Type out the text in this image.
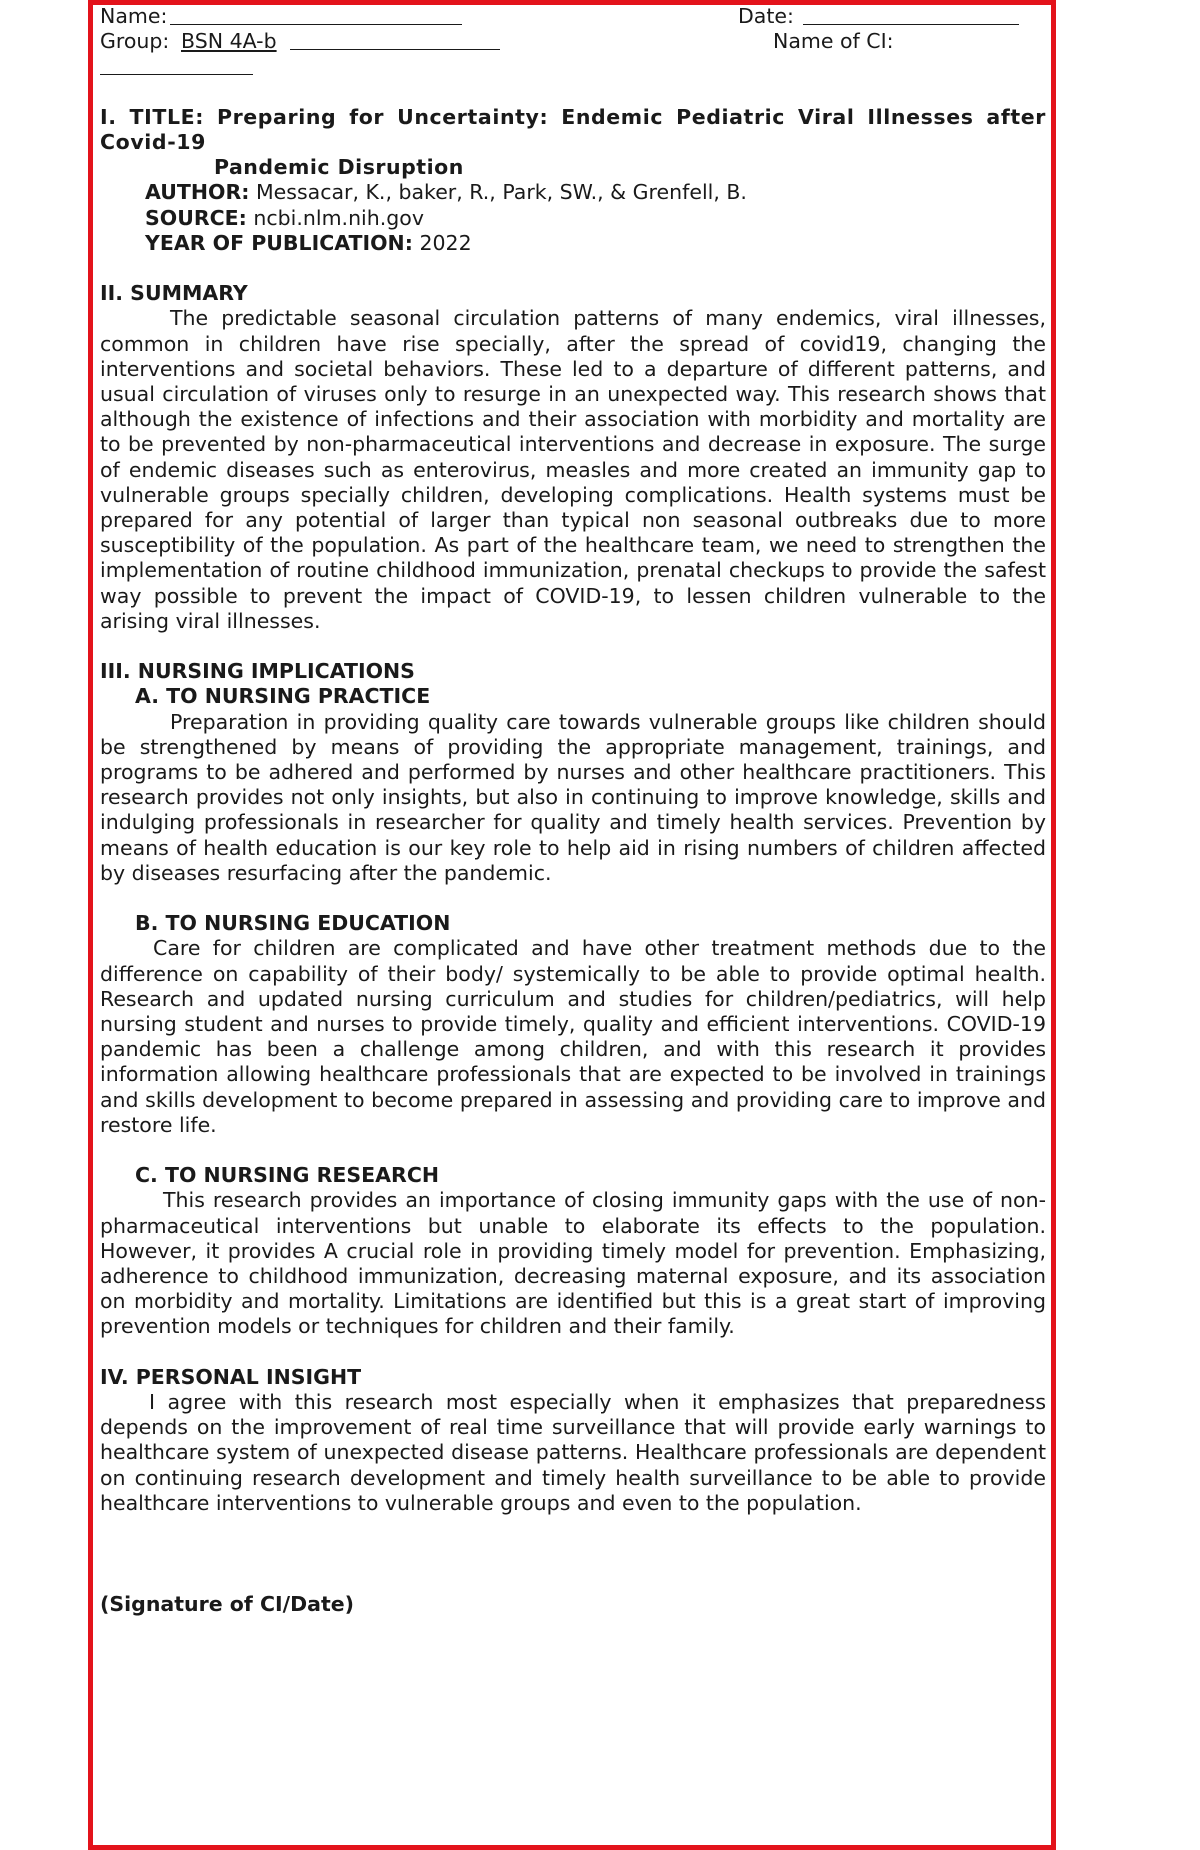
Name:	Date:
Group: BSN 4A-b	Name of CI:
I. TITLE: Preparing for Uncertainty: Endemic Pediatric Viral Illnesses after Covid-19
Pandemic Disruption
AUTHOR: Messacar, K., baker, R., Park, SW., & Grenfell, B.
SOURCE: ncbi.nlm.nih.gov
YEAR OF PUBLICATION: 2022
II. SUMMARY

The predictable seasonal circulation patterns of many endemics, viral illnesses, common in children have rise specially, after the spread of covid19, changing the interventions and societal behaviors. These led to a departure of different patterns, and usual circulation of viruses only to resurge in an unexpected way. This research shows that although the existence of infections and their association with morbidity and mortality are to be prevented by non-pharmaceutical interventions and decrease in exposure. The surge of endemic diseases such as enterovirus, measles and more created an immunity gap to vulnerable groups specially children, developing complications. Health systems must be prepared for any potential of larger than typical non seasonal outbreaks due to more susceptibility of the population. As part of the healthcare team, we need to strengthen the implementation of routine childhood immunization, prenatal checkups to provide the safest way possible to prevent the impact of COVID-19, to lessen children vulnerable to the arising viral illnesses.

III. NURSING IMPLICATIONS
A. TO NURSING PRACTICE

Preparation in providing quality care towards vulnerable groups like children should be strengthened by means of providing the appropriate management, trainings, and programs to be adhered and performed by nurses and other healthcare practitioners. This research provides not only insights, but also in continuing to improve knowledge, skills and indulging professionals in researcher for quality and timely health services. Prevention by means of health education is our key role to help aid in rising numbers of children affected by diseases resurfacing after the pandemic.

B. TO NURSING EDUCATION

Care for children are complicated and have other treatment methods due to the difference on capability of their body/ systemically to be able to provide optimal health. Research and updated nursing curriculum and studies for children/pediatrics, will help nursing student and nurses to provide timely, quality and efficient interventions. COVID-19 pandemic has been a challenge among children, and with this research it provides information allowing healthcare professionals that are expected to be involved in trainings and skills development to become prepared in assessing and providing care to improve and restore life.

C. TO NURSING RESEARCH

This research provides an importance of closing immunity gaps with the use of non-pharmaceutical interventions but unable to elaborate its effects to the population. However, it provides A crucial role in providing timely model for prevention. Emphasizing, adherence to childhood immunization, decreasing maternal exposure, and its association on morbidity and mortality. Limitations are identified but this is a great start of improving prevention models or techniques for children and their family.

IV. PERSONAL INSIGHT

I agree with this research most especially when it emphasizes that preparedness depends on the improvement of real time surveillance that will provide early warnings to healthcare system of unexpected disease patterns. Healthcare professionals are dependent on continuing research development and timely health surveillance to be able to provide healthcare interventions to vulnerable groups and even to the population.

(Signature of CI/Date)
